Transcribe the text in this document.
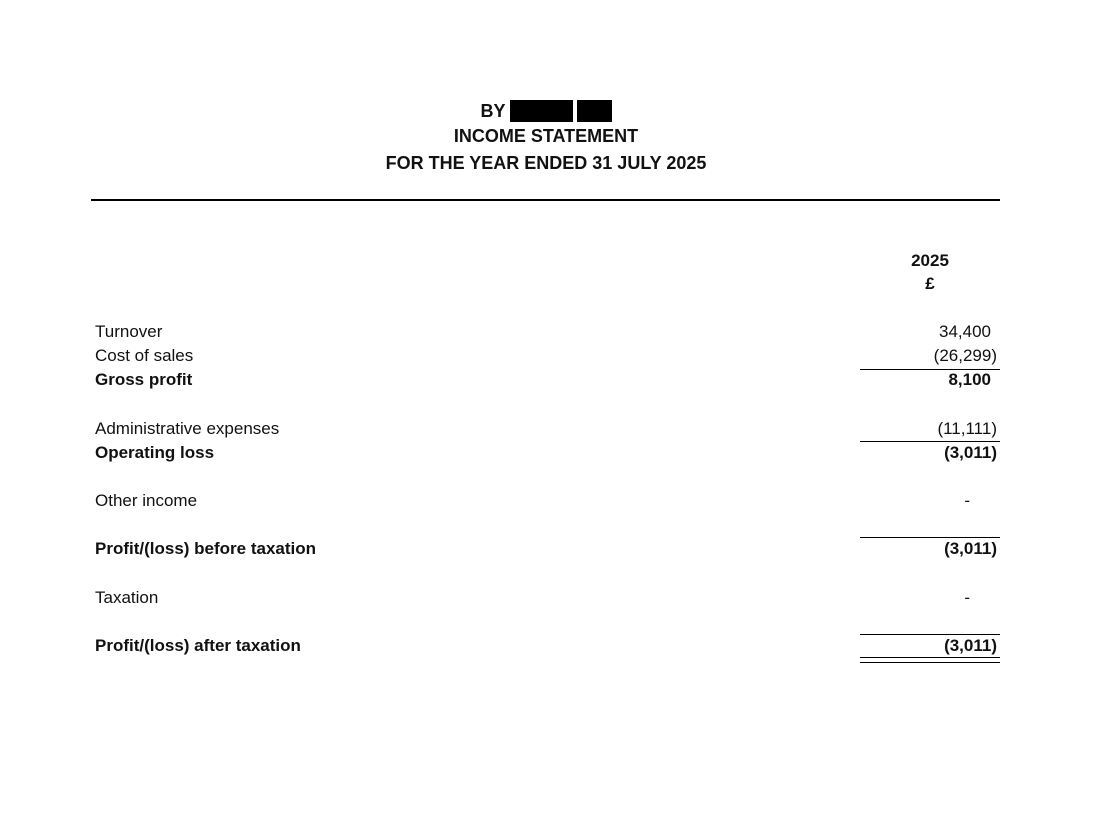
BY
INCOME STATEMENT
FOR THE YEAR ENDED 31 JULY 2025
2025
£
Turnover	34,400
Cost of sales	(26,299)
Gross profit	8,100
Administrative expenses	(11,111)
Operating loss	(3,011)
Other income	-
Profit/(loss) before taxation	(3,011)
Taxation	-
Profit/(loss) after taxation	(3,011)
